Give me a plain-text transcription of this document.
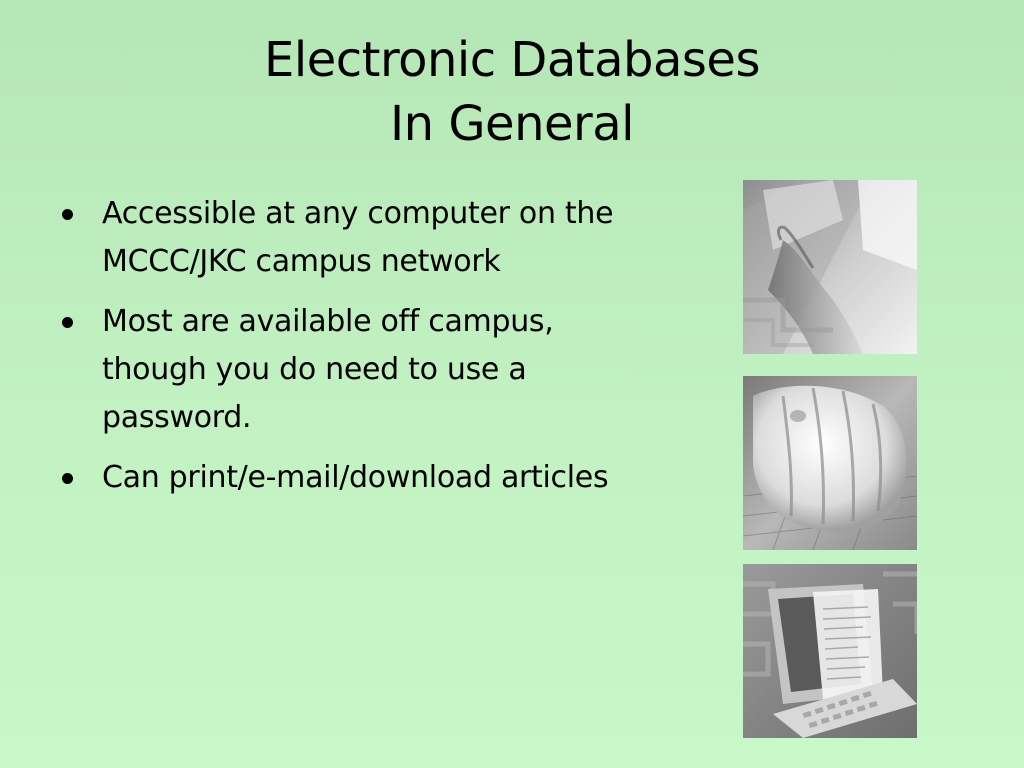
Electronic Databases
In General
Accessible at any computer on the MCCC/JKC campus network
Most are available off campus, though you do need to use a password.
Can print/e-mail/download articles
